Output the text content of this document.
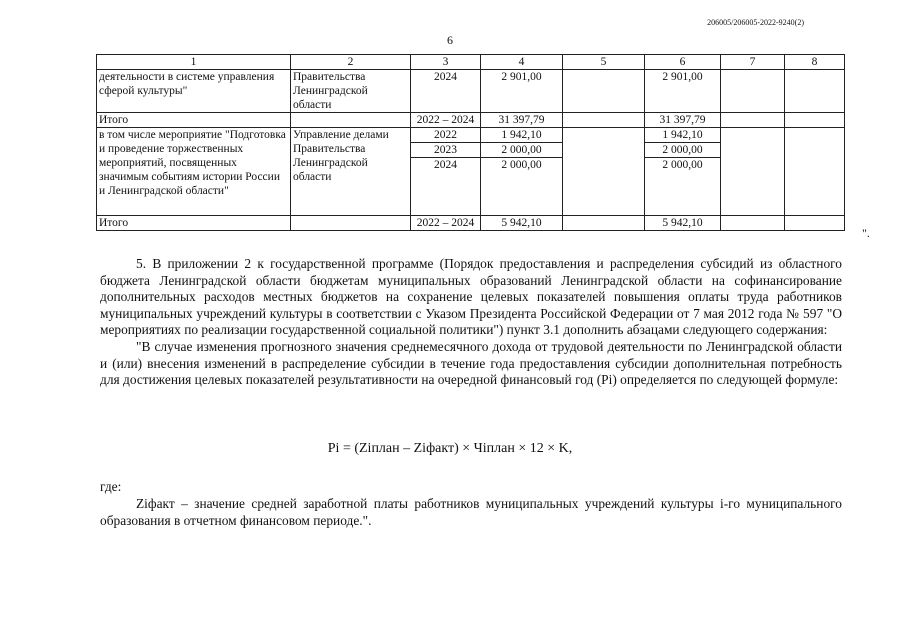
206005/206005-2022-9240(2)
6
1	2	3	4	5	6	7	8
деятельности в системе управления сферой культуры"	Правительства Ленинградской области	2024	2 901,00		2 901,00		
Итого		2022 – 2024	31 397,79		31 397,79		
в том числе мероприятие "Подготовка и проведение торжественных мероприятий, посвященных значимым событиям истории России и Ленинградской области"	Управление делами Правительства Ленинградской области	2022	1 942,10		1 942,10		
		2023	2 000,00		2 000,00		
		2024	2 000,00		2 000,00		
Итого		2022 – 2024	5 942,10		5 942,10		
".

5. В приложении 2 к государственной программе (Порядок предоставления и распределения субсидий из областного бюджета Ленинградской области бюджетам муниципальных образований Ленинградской области на софинансирование дополнительных расходов местных бюджетов на сохранение целевых показателей повышения оплаты труда работников муниципальных учреждений культуры в соответствии с Указом Президента Российской Федерации от 7 мая 2012 года № 597 "О мероприятиях по реализации государственной социальной политики") пункт 3.1 дополнить абзацами следующего содержания:

"В случае изменения прогнозного значения среднемесячного дохода от трудовой деятельности по Ленинградской области и (или) внесения изменений в распределение субсидии в течение года предоставления субсидии дополнительная потребность для достижения целевых показателей результативности на очередной финансовый год (Pi) определяется по следующей формуле:

Pi = (Ziплан – Ziфакт) × Чiплан × 12 × K,
где:

Ziфакт – значение средней заработной платы работников муниципальных учреждений культуры i-го муниципального образования в отчетном финансовом периоде.".
